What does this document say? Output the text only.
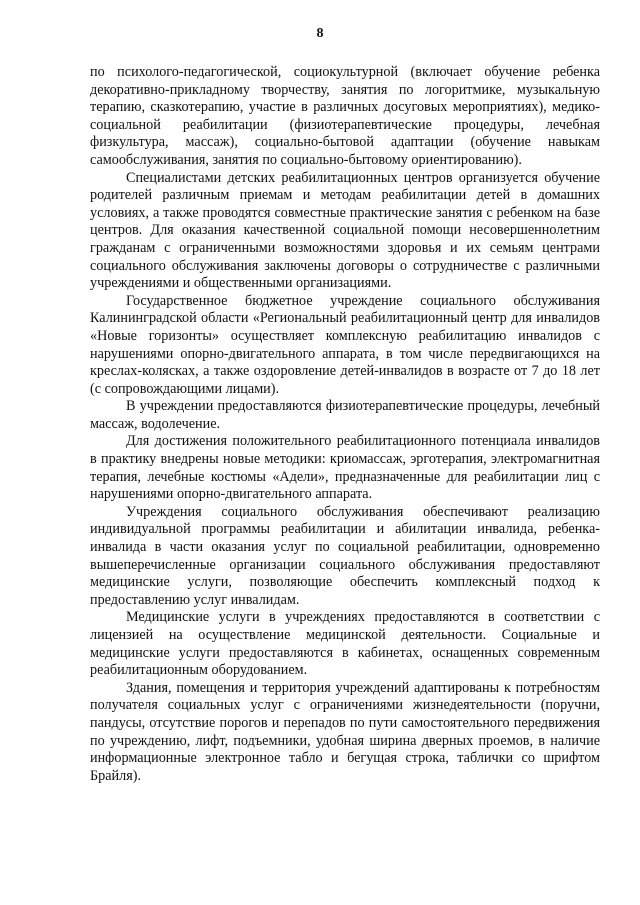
8

по психолого-педагогической, социокультурной (включает обучение ребенка декоративно-прикладному творчеству, занятия по логоритмике, музыкальную терапию, сказкотерапию, участие в различных досуговых мероприятиях), медико-социальной реабилитации (физиотерапевтические процедуры, лечебная физкультура, массаж), социально-бытовой адаптации (обучение навыкам самообслуживания, занятия по социально-бытовому ориентированию).

Специалистами детских реабилитационных центров организуется обучение родителей различным приемам и методам реабилитации детей в домашних условиях, а также проводятся совместные практические занятия с ребенком на базе центров. Для оказания качественной социальной помощи несовершеннолетним гражданам с ограниченными возможностями здоровья и их семьям центрами социального обслуживания заключены договоры о сотрудничестве с различными учреждениями и общественными организациями.

Государственное бюджетное учреждение социального обслуживания Калининградской области «Региональный реабилитационный центр для инвалидов «Новые горизонты» осуществляет комплексную реабилитацию инвалидов с нарушениями опорно-двигательного аппарата, в том числе передвигающихся на креслах-колясках, а также оздоровление детей-инвалидов в возрасте от 7 до 18 лет (с сопровождающими лицами).

В учреждении предоставляются физиотерапевтические процедуры, лечебный массаж, водолечение.

Для достижения положительного реабилитационного потенциала инвалидов в практику внедрены новые методики: криомассаж, эрготерапия, электромагнитная терапия, лечебные костюмы «Адели», предназначенные для реабилитации лиц с нарушениями опорно-двигательного аппарата.

Учреждения социального обслуживания обеспечивают реализацию индивидуальной программы реабилитации и абилитации инвалида, ребенка-инвалида в части оказания услуг по социальной реабилитации, одновременно вышеперечисленные организации социального обслуживания предоставляют медицинские услуги, позволяющие обеспечить комплексный подход к предоставлению услуг инвалидам.

Медицинские услуги в учреждениях предоставляются в соответствии с лицензией на осуществление медицинской деятельности. Социальные и медицинские услуги предоставляются в кабинетах, оснащенных современным реабилитационным оборудованием.

Здания, помещения и территория учреждений адаптированы к потребностям получателя социальных услуг с ограничениями жизнедеятельности (поручни, пандусы, отсутствие порогов и перепадов по пути самостоятельного передвижения по учреждению, лифт, подъемники, удобная ширина дверных проемов, в наличие информационные электронное табло и бегущая строка, таблички со шрифтом Брайля).
